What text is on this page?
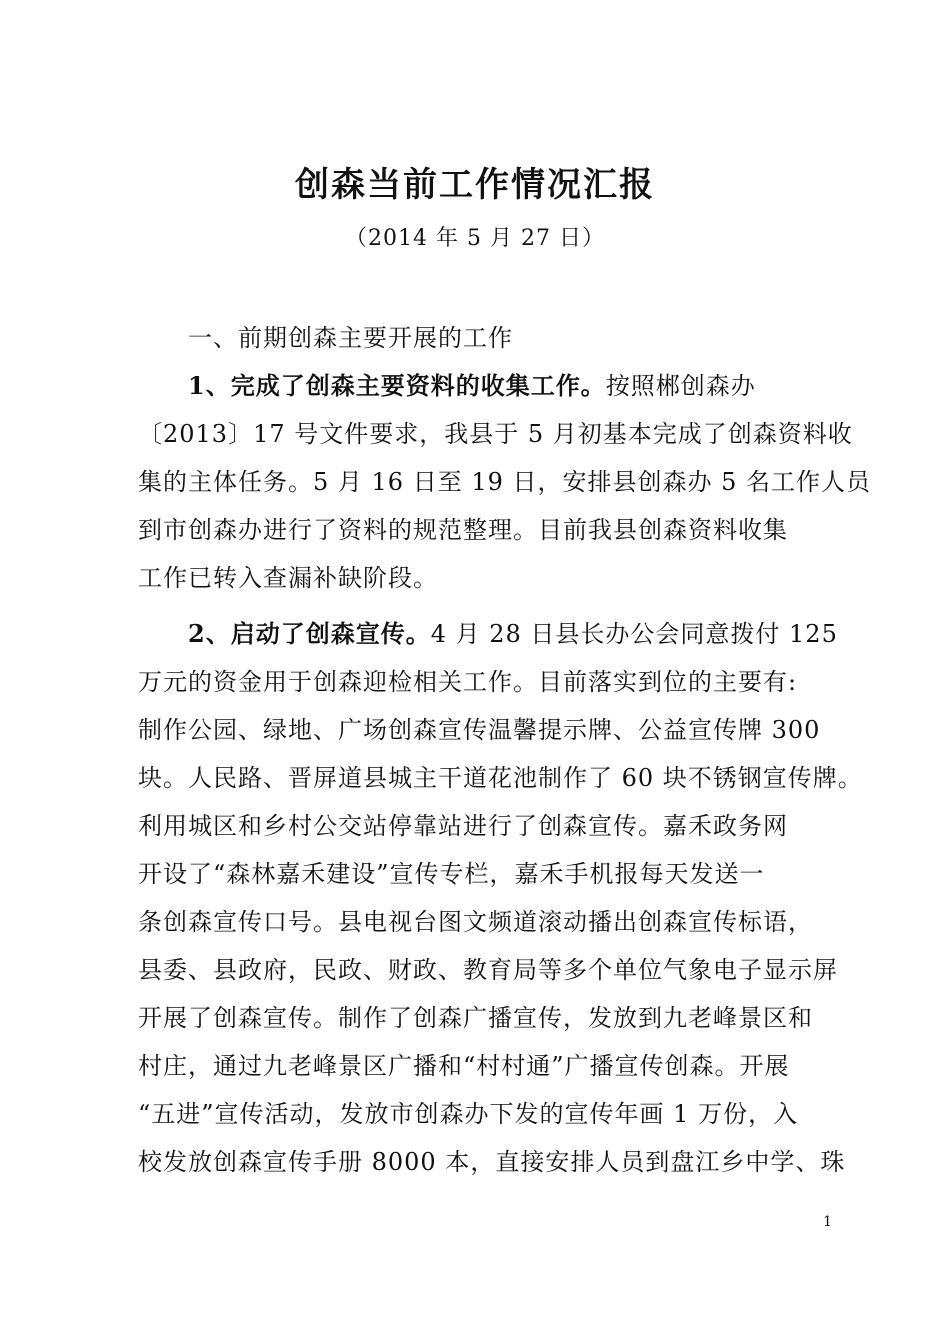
创森当前工作情况汇报
（2014 年 5 月 27 日）
一、前期创森主要开展的工作
1、完成了创森主要资料的收集工作。按照郴创森办
〔2013〕17 号文件要求，我县于 5 月初基本完成了创森资料收
集的主体任务。5 月 16 日至 19 日，安排县创森办 5 名工作人员
到市创森办进行了资料的规范整理。目前我县创森资料收集
工作已转入查漏补缺阶段。
2、启动了创森宣传。4 月 28 日县长办公会同意拨付 125
万元的资金用于创森迎检相关工作。目前落实到位的主要有:
制作公园、绿地、广场创森宣传温馨提示牌、公益宣传牌 300
块。人民路、晋屏道县城主干道花池制作了 60 块不锈钢宣传牌。
利用城区和乡村公交站停靠站进行了创森宣传。嘉禾政务网
开设了“森林嘉禾建设”宣传专栏，嘉禾手机报每天发送一
条创森宣传口号。县电视台图文频道滚动播出创森宣传标语，
县委、县政府，民政、财政、教育局等多个单位气象电子显示屏
开展了创森宣传。制作了创森广播宣传，发放到九老峰景区和
村庄，通过九老峰景区广播和“村村通”广播宣传创森。开展
“五进”宣传活动，发放市创森办下发的宣传年画 1 万份，入
校发放创森宣传手册 8000 本，直接安排人员到盘江乡中学、珠
1
